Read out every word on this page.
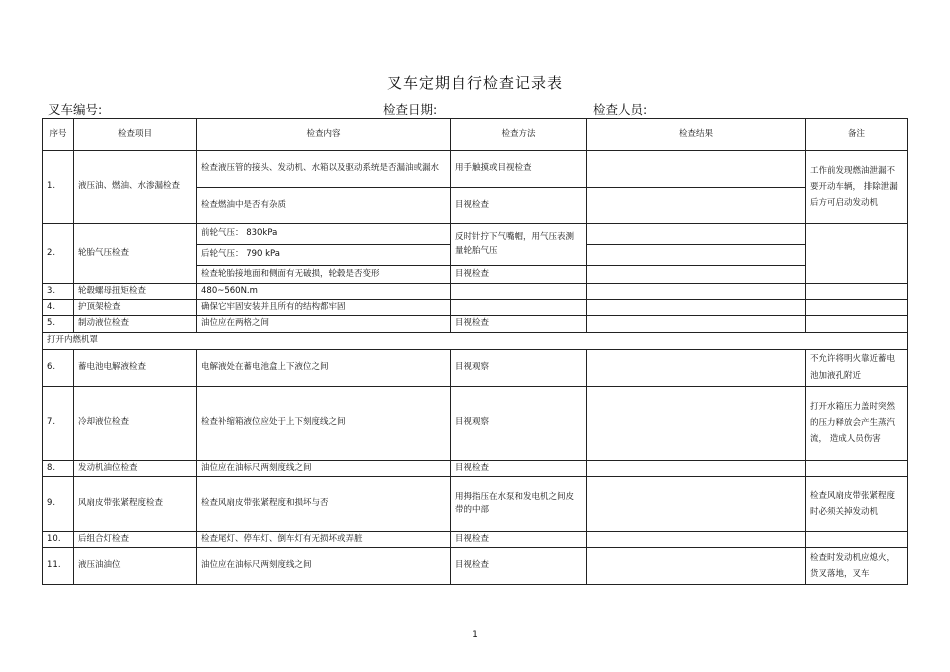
叉车定期自行检查记录表
叉车编号:	检查日期:	检查人员:
序号	检查项目	检查内容	检查方法	检查结果	备注
1.	液压油、燃油、水渗漏检查	检查液压管的接头、发动机、水箱以及驱动系统是否漏油或漏水	用手触摸或目视检查		工作前发现燃油泄漏不要开动车辆， 排除泄漏后方可启动发动机
		检查燃油中是否有杂质	目视检查		
2.	轮胎气压检查	前轮气压： 830kPa	反时针拧下气嘴帽，用气压表测量轮胎气压		
		后轮气压： 790 kPa			
		检查轮胎接地面和侧面有无破损，轮毂是否变形	目视检查		
3.	轮毂螺母扭矩检查	480~560N.m			
4.	护顶架检查	确保它牢固安装并且所有的结构都牢固			
5.	制动液位检查	油位应在两格之间	目视检查		
打开内燃机罩					
6.	蓄电池电解液检查	电解液处在蓄电池盒上下液位之间	目视观察		不允许将明火靠近蓄电池加液孔附近
7.	冷却液位检查	检查补缩箱液位应处于上下刻度线之间	目视观察		打开水箱压力盖时突然的压力释放会产生蒸汽流， 造成人员伤害
8.	发动机油位检查	油位应在油标尺两刻度线之间	目视检查		
9.	风扇皮带张紧程度检查	检查风扇皮带张紧程度和损坏与否	用拇指压在水泵和发电机之间皮带的中部		检查风扇皮带张紧程度时必须关掉发动机
10.	后组合灯检查	检查尾灯、停车灯、倒车灯有无损坏或弄脏	目视检查		
11.	液压油油位	油位应在油标尺两刻度线之间	目视检查		检查时发动机应熄火，货叉落地，叉车
1
